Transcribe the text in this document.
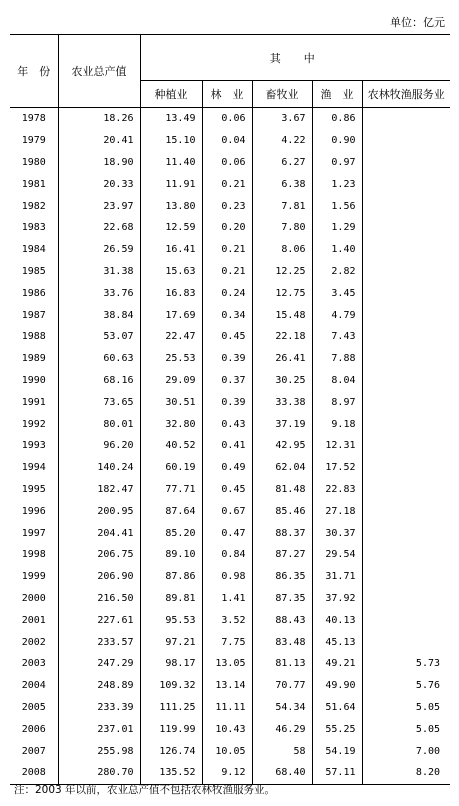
单位：亿元
年　份	农业总产值	其　中				
		种植业	林　业	畜牧业	渔　业	农林牧渔服务业
1978	18.26	13.49	0.06	3.67	0.86	
1979	20.41	15.10	0.04	4.22	0.90	
1980	18.90	11.40	0.06	6.27	0.97	
1981	20.33	11.91	0.21	6.38	1.23	
1982	23.97	13.80	0.23	7.81	1.56	
1983	22.68	12.59	0.20	7.80	1.29	
1984	26.59	16.41	0.21	8.06	1.40	
1985	31.38	15.63	0.21	12.25	2.82	
1986	33.76	16.83	0.24	12.75	3.45	
1987	38.84	17.69	0.34	15.48	4.79	
1988	53.07	22.47	0.45	22.18	7.43	
1989	60.63	25.53	0.39	26.41	7.88	
1990	68.16	29.09	0.37	30.25	8.04	
1991	73.65	30.51	0.39	33.38	8.97	
1992	80.01	32.80	0.43	37.19	9.18	
1993	96.20	40.52	0.41	42.95	12.31	
1994	140.24	60.19	0.49	62.04	17.52	
1995	182.47	77.71	0.45	81.48	22.83	
1996	200.95	87.64	0.67	85.46	27.18	
1997	204.41	85.20	0.47	88.37	30.37	
1998	206.75	89.10	0.84	87.27	29.54	
1999	206.90	87.86	0.98	86.35	31.71	
2000	216.50	89.81	1.41	87.35	37.92	
2001	227.61	95.53	3.52	88.43	40.13	
2002	233.57	97.21	7.75	83.48	45.13	
2003	247.29	98.17	13.05	81.13	49.21	5.73
2004	248.89	109.32	13.14	70.77	49.90	5.76
2005	233.39	111.25	11.11	54.34	51.64	5.05
2006	237.01	119.99	10.43	46.29	55.25	5.05
2007	255.98	126.74	10.05	58	54.19	7.00
2008	280.70	135.52	9.12	68.40	57.11	8.20
注：2003 年以前，农业总产值不包括农林牧渔服务业。
